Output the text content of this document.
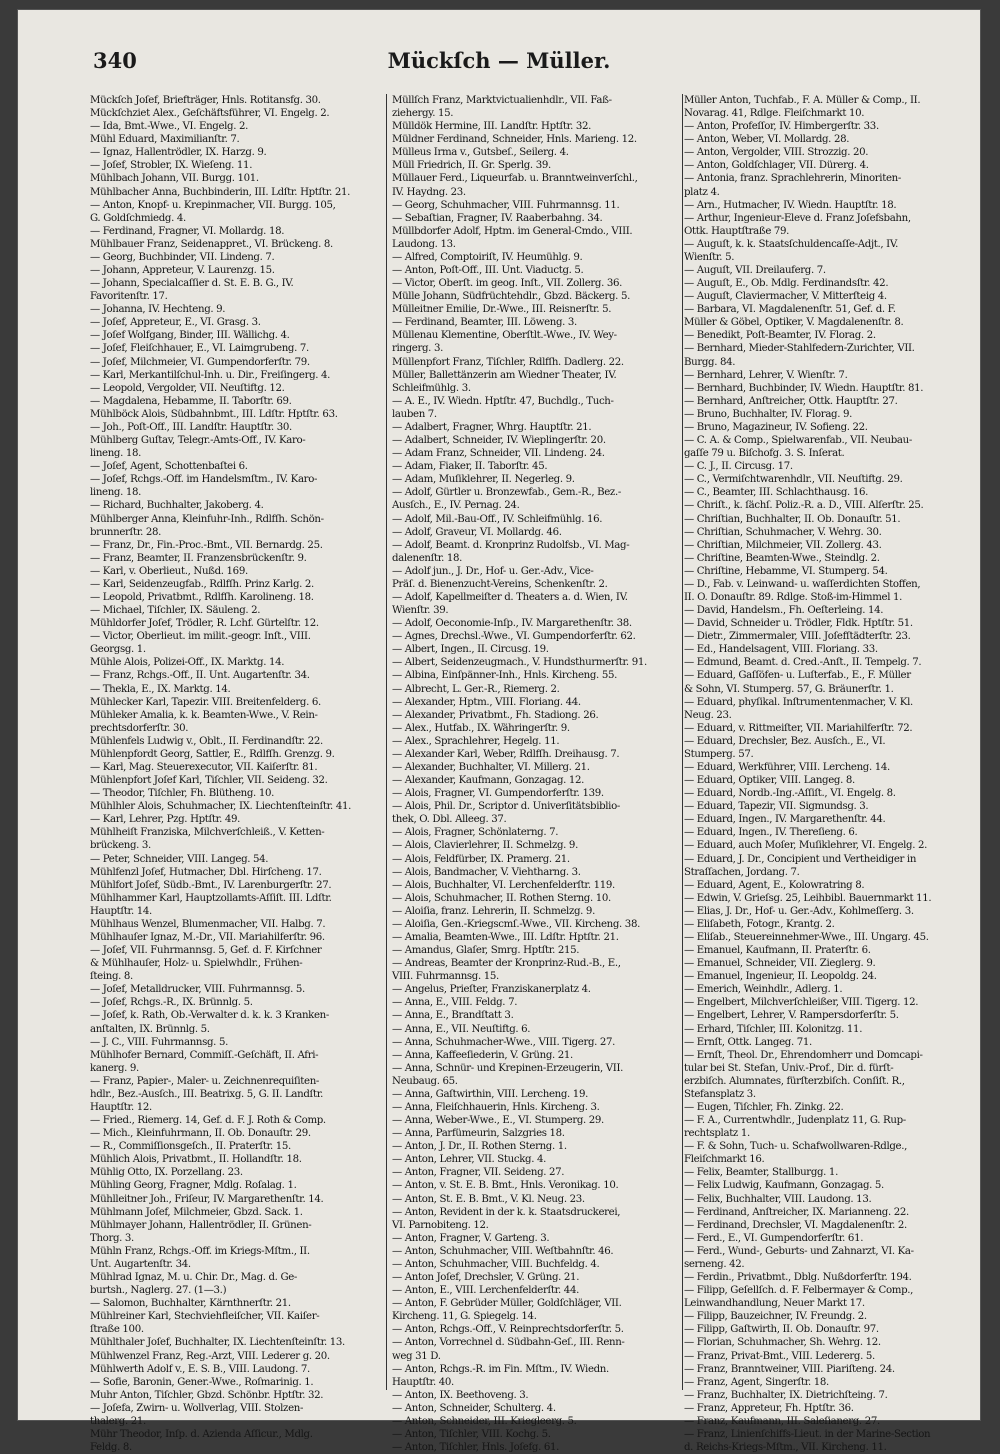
340	Mückſch — Müller.
Mückſch Joſef, Briefträger, Hnls. Rotitansfg. 30.
Mückſchziet Alex., Geſchäftsführer, VI. Engelg. 2.
— Ida, Bmt.-Wwe., VI. Engelg. 2.
Mühl Eduard, Maximilianſtr. 7.
— Ignaz, Hallentrödler, IX. Harzg. 9.
— Joſef, Strobler, IX. Wieſeng. 11.
Mühlbach Johann, VII. Burgg. 101.
Mühlbacher Anna, Buchbinderin, III. Ldſtr. Hptſtr. 21.
— Anton, Knopf- u. Krepinmacher, VII. Burgg. 105,
G. Goldſchmiedg. 4.
— Ferdinand, Fragner, VI. Mollardg. 18.
Mühlbauer Franz, Seidenappret., VI. Brückeng. 8.
— Georg, Buchbinder, VII. Lindeng. 7.
— Johann, Appreteur, V. Laurenzg. 15.
— Johann, Specialcaſſier d. St. E. B. G., IV.
Favoritenſtr. 17.
— Johanna, IV. Hechteng. 9.
— Joſef, Appreteur, E., VI. Grasg. 3.
— Joſef Wolfgang, Binder, III. Wällichg. 4.
— Joſef, Fleiſchhauer, E., VI. Laimgrubeng. 7.
— Joſef, Milchmeier, VI. Gumpendorferſtr. 79.
— Karl, Merkantilſchul-Inh. u. Dir., Freiſingerg. 4.
— Leopold, Vergolder, VII. Neuſtiftg. 12.
— Magdalena, Hebamme, II. Taborſtr. 69.
Mühlböck Alois, Südbahnbmt., III. Ldſtr. Hptſtr. 63.
— Joh., Poſt-Off., III. Landſtr. Hauptſtr. 30.
Mühlberg Guſtav, Telegr.-Amts-Off., IV. Karo-
lineng. 18.
— Joſef, Agent, Schottenbaſtei 6.
— Joſef, Rchgs.-Off. im Handelsmſtm., IV. Karo-
lineng. 18.
— Richard, Buchhalter, Jakoberg. 4.
Mühlberger Anna, Kleinfuhr-Inh., Rdlfſh. Schön-
brunnerſtr. 28.
— Franz, Dr., Fin.-Proc.-Bmt., VII. Bernardg. 25.
— Franz, Beamter, II. Franzensbrückenſtr. 9.
— Karl, v. Oberlieut., Nußd. 169.
— Karl, Seidenzeugfab., Rdlfſh. Prinz Karlg. 2.
— Leopold, Privatbmt., Rdlfſh. Karolineng. 18.
— Michael, Tiſchler, IX. Säuleng. 2.
Mühldorfer Joſef, Trödler, R. Lchf. Gürtelſtr. 12.
— Victor, Oberlieut. im milit.-geogr. Inſt., VIII.
Georgsg. 1.
Mühle Alois, Polizei-Off., IX. Marktg. 14.
— Franz, Rchgs.-Off., II. Unt. Augartenſtr. 34.
— Thekla, E., IX. Marktg. 14.
Mühlecker Karl, Tapezir. VIII. Breitenfelderg. 6.
Mühleker Amalia, k. k. Beamten-Wwe., V. Rein-
prechtsdorferſtr. 30.
Mühlenfels Ludwig v., Oblt., II. Ferdinandſtr. 22.
Mühlenpfordt Georg, Sattler, E., Rdlfſh. Grenzg. 9.
— Karl, Mag. Steuerexecutor, VII. Kaiſerſtr. 81.
Mühlenpfort Joſef Karl, Tiſchler, VII. Seideng. 32.
— Theodor, Tiſchler, Fh. Blütheng. 10.
Mühlhler Alois, Schuhmacher, IX. Liechtenſteinſtr. 41.
— Karl, Lehrer, Pzg. Hptſtr. 49.
Mühlheiſt Franziska, Milchverſchleiß., V. Ketten-
brückeng. 3.
— Peter, Schneider, VIII. Langeg. 54.
Mühlfenzl Joſef, Hutmacher, Dbl. Hirſcheng. 17.
Mühlfort Joſef, Südb.-Bmt., IV. Larenburgerſtr. 27.
Mühlhammer Karl, Hauptzollamts-Aſſiſt. III. Ldſtr.
Hauptſtr. 14.
Mühlhaus Wenzel, Blumenmacher, VII. Halbg. 7.
Mühlhauſer Ignaz, M.-Dr., VII. Mariahilferſtr. 96.
— Joſef, VII. Fuhrmannsg. 5, Gef. d. F. Kirſchner
& Mühlhauſer, Holz- u. Spielwhdlr., Frühen-
ſteing. 8.
— Joſef, Metalldrucker, VIII. Fuhrmannsg. 5.
— Joſef, Rchgs.-R., IX. Brünnlg. 5.
— Joſef, k. Rath, Ob.-Verwalter d. k. k. 3 Kranken-
anſtalten, IX. Brünnlg. 5.
— J. C., VIII. Fuhrmannsg. 5.
Mühlhofer Bernard, Commiſſ.-Geſchäft, II. Afri-
kanerg. 9.
— Franz, Papier-, Maler- u. Zeichnenrequiſiten-
hdlr., Bez.-Ausſch., III. Beatrixg. 5, G. II. Landſtr.
Hauptſtr. 12.
— Fried., Riemerg. 14, Gef. d. F. J. Roth & Comp.
— Mich., Kleinfuhrmann, II. Ob. Donauſtr. 29.
— R., Commiſſionsgeſch., II. Praterſtr. 15.
Mühlich Alois, Privatbmt., II. Hollandſtr. 18.
Mühlig Otto, IX. Porzellang. 23.
Mühling Georg, Fragner, Mdlg. Roſalag. 1.
Mühlleitner Joh., Friſeur, IV. Margarethenſtr. 14.
Mühlmann Joſef, Milchmeier, Gbzd. Sack. 1.
Mühlmayer Johann, Hallentrödler, II. Grünen-
Thorg. 3.
Mühln Franz, Rchgs.-Off. im Kriegs-Mſtm., II.
Unt. Augartenſtr. 34.
Mühlrad Ignaz, M. u. Chir. Dr., Mag. d. Ge-
burtsh., Naglerg. 27. (1—3.)
— Salomon, Buchhalter, Kärnthnerſtr. 21.
Mühlreiner Karl, Stechviehfleiſcher, VII. Kaiſer-
ſtraße 100.
Mühlthaler Joſef, Buchhalter, IX. Liechtenſteinſtr. 13.
Mühlwenzel Franz, Reg.-Arzt, VIII. Lederer g. 20.
Mühlwerth Adolf v., E. S. B., VIII. Laudong. 7.
— Sofie, Baronin, Gener.-Wwe., Roſmarinig. 1.
Muhr Anton, Tiſchler, Gbzd. Schönbr. Hptſtr. 32.
— Joſefa, Zwirn- u. Wollverlag, VIII. Stolzen-
thalerg. 21.
Mühr Theodor, Inſp. d. Azienda Aſſicur., Mdlg.
Feldg. 8.
Müllſch Franz, Marktvictualienhdlr., VII. Faß-
ziehergy. 15.
Mülldök Hermine, III. Landſtr. Hptſtr. 32.
Müldner Ferdinand, Schneider, Hnls. Marieng. 12.
Mülleus Irma v., Gutsbeſ., Seilerg. 4.
Müll Friedrich, II. Gr. Sperlg. 39.
Müllauer Ferd., Liqueurfab. u. Branntweinverſchl.,
IV. Haydng. 23.
— Georg, Schuhmacher, VIII. Fuhrmannsg. 11.
— Sebaſtian, Fragner, IV. Raaberbahng. 34.
Müllbdorfer Adolf, Hptm. im General-Cmdo., VIII.
Laudong. 13.
— Alfred, Comptoiriſt, IV. Heumühlg. 9.
— Anton, Poſt-Off., III. Unt. Viaductg. 5.
— Victor, Oberſt. im geog. Inſt., VII. Zollerg. 36.
Mülle Johann, Südfrüchtehdlr., Gbzd. Bäckerg. 5.
Mülleitner Emilie, Dr.-Wwe., III. Reisnerſtr. 5.
— Ferdinand, Beamter, III. Löweng. 3.
Müllenau Klementine, Oberſtlt.-Wwe., IV. Wey-
ringerg. 3.
Müllenpfort Franz, Tiſchler, Rdlfſh. Dadlerg. 22.
Müller, Ballettänzerin am Wiedner Theater, IV.
Schleifmühlg. 3.
— A. E., IV. Wiedn. Hptſtr. 47, Buchdlg., Tuch-
lauben 7.
— Adalbert, Fragner, Whrg. Hauptſtr. 21.
— Adalbert, Schneider, IV. Wieplingerſtr. 20.
— Adam Franz, Schneider, VII. Lindeng. 24.
— Adam, Fiaker, II. Taborſtr. 45.
— Adam, Muſiklehrer, II. Negerleg. 9.
— Adolf, Gürtler u. Bronzewfab., Gem.-R., Bez.-
Ausſch., E., IV. Pernag. 24.
— Adolf, Mil.-Bau-Off., IV. Schleifmühlg. 16.
— Adolf, Graveur, VI. Mollardg. 46.
— Adolf, Beamt. d. Kronprinz Rudolfsb., VI. Mag-
dalenenſtr. 18.
— Adolf jun., J. Dr., Hof- u. Ger.-Adv., Vice-
Präſ. d. Bienenzucht-Vereins, Schenkenſtr. 2.
— Adolf, Kapellmeiſter d. Theaters a. d. Wien, IV.
Wienſtr. 39.
— Adolf, Oeconomie-Inſp., IV. Margarethenſtr. 38.
— Agnes, Drechsl.-Wwe., VI. Gumpendorferſtr. 62.
— Albert, Ingen., II. Circusg. 19.
— Albert, Seidenzeugmach., V. Hundsthurmerſtr. 91.
— Albina, Einſpänner-Inh., Hnls. Kircheng. 55.
— Albrecht, L. Ger.-R., Riemerg. 2.
— Alexander, Hptm., VIII. Floriang. 44.
— Alexander, Privatbmt., Fh. Stadiong. 26.
— Alex., Hutfab., IX. Währingerſtr. 9.
— Alex., Sprachlehrer, Hegelg. 11.
— Alexander Karl, Weber, Rdlfſh. Dreihausg. 7.
— Alexander, Buchhalter, VI. Millerg. 21.
— Alexander, Kaufmann, Gonzagag. 12.
— Alois, Fragner, VI. Gumpendorferſtr. 139.
— Alois, Phil. Dr., Scriptor d. Univerſitätsbiblio-
thek, O. Dbl. Alleeg. 37.
— Alois, Fragner, Schönlaterng. 7.
— Alois, Clavierlehrer, II. Schmelzg. 9.
— Alois, Feldfürber, IX. Pramerg. 21.
— Alois, Bandmacher, V. Viehtharng. 3.
— Alois, Buchhalter, VI. Lerchenfelderſtr. 119.
— Alois, Schuhmacher, II. Rothen Sterng. 10.
— Aloiſia, franz. Lehrerin, II. Schmelzg. 9.
— Aloiſia, Gen.-Kriegscmſ.-Wwe., VII. Kircheng. 38.
— Amalia, Beamten-Wwe., III. Ldſtr. Hptſtr. 21.
— Amandus, Glaſer, Smrg. Hptſtr. 215.
— Andreas, Beamter der Kronprinz-Rud.-B., E.,
VIII. Fuhrmannsg. 15.
— Angelus, Prieſter, Franziskanerplatz 4.
— Anna, E., VIII. Feldg. 7.
— Anna, E., Brandſtatt 3.
— Anna, E., VII. Neuſtiftg. 6.
— Anna, Schuhmacher-Wwe., VIII. Tigerg. 27.
— Anna, Kaffeeſiederin, V. Grüng. 21.
— Anna, Schnür- und Krepinen-Erzeugerin, VII.
Neubaug. 65.
— Anna, Gaſtwirthin, VIII. Lercheng. 19.
— Anna, Fleiſchhauerin, Hnls. Kircheng. 3.
— Anna, Weber-Wwe., E., VI. Stumperg. 29.
— Anna, Parfümeurin, Salzgries 18.
— Anton, J. Dr., II. Rothen Sterng. 1.
— Anton, Lehrer, VII. Stuckg. 4.
— Anton, Fragner, VII. Seideng. 27.
— Anton, v. St. E. B. Bmt., Hnls. Veronikag. 10.
— Anton, St. E. B. Bmt., V. Kl. Neug. 23.
— Anton, Revident in der k. k. Staatsdruckerei,
VI. Parnobiteng. 12.
— Anton, Fragner, V. Garteng. 3.
— Anton, Schuhmacher, VIII. Weſtbahnſtr. 46.
— Anton, Schuhmacher, VIII. Buchfeldg. 4.
— Anton Joſef, Drechsler, V. Grüng. 21.
— Anton, E., VIII. Lerchenfelderſtr. 44.
— Anton, F. Gebrüder Müller, Goldſchläger, VII.
Kircheng. 11, G. Spiegelg. 14.
— Anton, Rchgs.-Off., V. Reinprechtsdorferſtr. 5.
— Anton, Vorrechnel d. Südbahn-Geſ., III. Renn-
weg 31 D.
— Anton, Rchgs.-R. im Fin. Mſtm., IV. Wiedn.
Hauptſtr. 40.
— Anton, IX. Beethoveng. 3.
— Anton, Schneider, Schulterg. 4.
— Anton, Schneider, III. Kriegleerg. 5.
— Anton, Tiſchler, VIII. Kochg. 5.
— Anton, Tiſchler, Hnls. Joſefg. 61.
Müller Anton, Tuchfab., F. A. Müller & Comp., II.
Novarag. 41, Rdlge. Fleiſchmarkt 10.
— Anton, Profeſſor, IV. Himbergerſtr. 33.
— Anton, Weber, VI. Mollardg. 28.
— Anton, Vergolder, VIII. Strozzig. 20.
— Anton, Goldſchlager, VII. Dürerg. 4.
— Antonia, franz. Sprachlehrerin, Minoriten-
platz 4.
— Arn., Hutmacher, IV. Wiedn. Hauptſtr. 18.
— Arthur, Ingenieur-Eleve d. Franz Joſefsbahn,
Ottk. Hauptſtraße 79.
— Auguſt, k. k. Staatsſchuldencaſſe-Adjt., IV.
Wienſtr. 5.
— Auguſt, VII. Dreilauferg. 7.
— Auguſt, E., Ob. Mdlg. Ferdinandsſtr. 42.
— Auguſt, Claviermacher, V. Mitterſteig 4.
— Barbara, VI. Magdalenenſtr. 51, Gef. d. F.
Müller & Göbel, Optiker, V. Magdalenenſtr. 8.
— Benedikt, Poſt-Beamter, IV. Florag. 2.
— Bernhard, Mieder-Stahlfedern-Zurichter, VII.
Burgg. 84.
— Bernhard, Lehrer, V. Wienſtr. 7.
— Bernhard, Buchbinder, IV. Wiedn. Hauptſtr. 81.
— Bernhard, Anſtreicher, Ottk. Hauptſtr. 27.
— Bruno, Buchhalter, IV. Florag. 9.
— Bruno, Magazineur, IV. Sofieng. 22.
— C. A. & Comp., Spielwarenfab., VII. Neubau-
gaſſe 79 u. Biſchofg. 3. S. Inſerat.
— C. J., II. Circusg. 17.
— C., Vermiſchtwarenhdlr., VII. Neuſtiftg. 29.
— C., Beamter, III. Schlachthausg. 16.
— Chriſt., k. ſächſ. Poliz.-R. a. D., VIII. Alſerſtr. 25.
— Chriſtian, Buchhalter, II. Ob. Donauſtr. 51.
— Chriſtian, Schuhmacher, V. Wehrg. 30.
— Chriſtian, Milchmeier, VII. Zollerg. 43.
— Chriſtine, Beamten-Wwe., Steindlg. 2.
— Chriſtine, Hebamme, VI. Stumperg. 54.
— D., Fab. v. Leinwand- u. waſſerdichten Stoffen,
II. O. Donauſtr. 89. Rdlge. Stoß-im-Himmel 1.
— David, Handelsm., Fh. Oeſterleing. 14.
— David, Schneider u. Trödler, Fldk. Hptſtr. 51.
— Dietr., Zimmermaler, VIII. Joſefſtädterſtr. 23.
— Ed., Handelsagent, VIII. Floriang. 33.
— Edmund, Beamt. d. Cred.-Anſt., II. Tempelg. 7.
— Eduard, Gaſſöfen- u. Luſterfab., E., F. Müller
& Sohn, VI. Stumperg. 57, G. Bräunerſtr. 1.
— Eduard, phyſikal. Inſtrumentenmacher, V. Kl.
Neug. 23.
— Eduard, v. Rittmeiſter, VII. Mariahilferſtr. 72.
— Eduard, Drechsler, Bez. Ausſch., E., VI.
Stumperg. 57.
— Eduard, Werkführer, VIII. Lercheng. 14.
— Eduard, Optiker, VIII. Langeg. 8.
— Eduard, Nordb.-Ing.-Aſſiſt., VI. Engelg. 8.
— Eduard, Tapezir, VII. Sigmundsg. 3.
— Eduard, Ingen., IV. Margarethenſtr. 44.
— Eduard, Ingen., IV. Thereſieng. 6.
— Eduard, auch Moſer, Muſiklehrer, VI. Engelg. 2.
— Eduard, J. Dr., Concipient und Vertheidiger in
Straſſachen, Jordang. 7.
— Eduard, Agent, E., Kolowratring 8.
— Edwin, V. Grieſsg. 25, Leihbibl. Bauernmarkt 11.
— Elias, J. Dr., Hof- u. Ger.-Adv., Kohlmeſſerg. 3.
— Eliſabeth, Fotogr., Krantg. 2.
— Eliſab., Steuereinnehmer-Wwe., III. Ungarg. 45.
— Emanuel, Kaufmann, II. Praterſtr. 6.
— Emanuel, Schneider, VII. Zieglerg. 9.
— Emanuel, Ingenieur, II. Leopoldg. 24.
— Emerich, Weinhdlr., Adlerg. 1.
— Engelbert, Milchverſchleißer, VIII. Tigerg. 12.
— Engelbert, Lehrer, V. Rampersdorferſtr. 5.
— Erhard, Tiſchler, III. Kolonitzg. 11.
— Ernſt, Ottk. Langeg. 71.
— Ernſt, Theol. Dr., Ehrendomherr und Domcapi-
tular bei St. Stefan, Univ.-Prof., Dir. d. fürſt-
erzbiſch. Alumnates, fürſterzbiſch. Conſiſt. R.,
Stefansplatz 3.
— Eugen, Tiſchler, Fh. Zinkg. 22.
— F. A., Currentwhdlr., Judenplatz 11, G. Rup-
rechtsplatz 1.
— F. & Sohn, Tuch- u. Schafwollwaren-Rdlge.,
Fleiſchmarkt 16.
— Felix, Beamter, Stallburgg. 1.
— Felix Ludwig, Kaufmann, Gonzagag. 5.
— Felix, Buchhalter, VIII. Laudong. 13.
— Ferdinand, Anſtreicher, IX. Marianneng. 22.
— Ferdinand, Drechsler, VI. Magdalenenſtr. 2.
— Ferd., E., VI. Gumpendorferſtr. 61.
— Ferd., Wund-, Geburts- und Zahnarzt, VI. Ka-
serneng. 42.
— Ferdin., Privatbmt., Dblg. Nußdorferſtr. 194.
— Filipp, Geſellſch. d. F. Felbermayer & Comp.,
Leinwandhandlung, Neuer Markt 17.
— Filipp, Bauzeichner, IV. Freundg. 2.
— Filipp, Gaſtwirth, II. Ob. Donauſtr. 97.
— Florian, Schuhmacher, Sh. Wehrg. 12.
— Franz, Privat-Bmt., VIII. Ledererg. 5.
— Franz, Branntweiner, VIII. Piariſteng. 24.
— Franz, Agent, Singerſtr. 18.
— Franz, Buchhalter, IX. Dietrichſteing. 7.
— Franz, Appreteur, Fh. Hptſtr. 36.
— Franz, Kaufmann, III. Saleſianerg. 27.
— Franz, Linienſchiffs-Lieut. in der Marine-Section
d. Reichs-Kriegs-Mſtm., VII. Kircheng. 11.
